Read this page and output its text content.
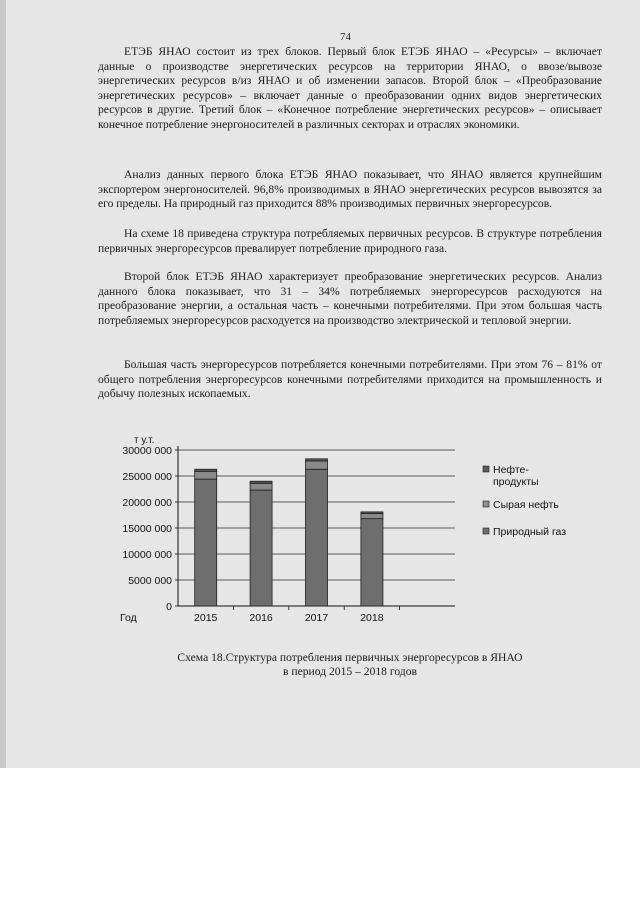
74

ЕТЭБ ЯНАО состоит из трех блоков. Первый блок ЕТЭБ ЯНАО – «Ресурсы» – включает данные о производстве энергетических ресурсов на территории ЯНАО, о ввозе/вывозе энергетических ресурсов в/из ЯНАО и об изменении запасов. Второй блок – «Преобразование энергетических ресурсов» – включает данные о преобразовании одних видов энергетических ресурсов в другие. Третий блок – «Конечное потребление энергетических ресурсов» – описывает конечное потребление энергоносителей в различных секторах и отраслях экономики.

Анализ данных первого блока ЕТЭБ ЯНАО показывает, что ЯНАО является крупнейшим экспортером энергоносителей. 96,8% производимых в ЯНАО энергетических ресурсов вывозятся за его пределы. На природный газ приходится 88% производимых первичных энергоресурсов.

На схеме 18 приведена структура потребляемых первичных ресурсов. В структуре потребления первичных энергоресурсов превалирует потребление природного газа.

Второй блок ЕТЭБ ЯНАО характеризует преобразование энергетических ресурсов. Анализ данного блока показывает, что 31 – 34% потребляемых энергоресурсов расходуются на преобразование энергии, а остальная часть – конечными потребителями. При этом большая часть потребляемых энергоресурсов расходуется на производство электрической и тепловой энергии.

Большая часть энергоресурсов потребляется конечными потребителями. При этом 76 – 81% от общего потребления энергоресурсов конечными потребителями приходится на промышленность и добычу полезных ископаемых.

т у.т.
0
5000 000
10000 000
15000 000
20000 000
25000 000
30000 000
Год	2015	2016	2017	2018
Нефте-
продукты
Сырая нефть
Природный газ

Схема 18.Структура потребления первичных энергоресурсов в ЯНАО

в период 2015 – 2018 годов
